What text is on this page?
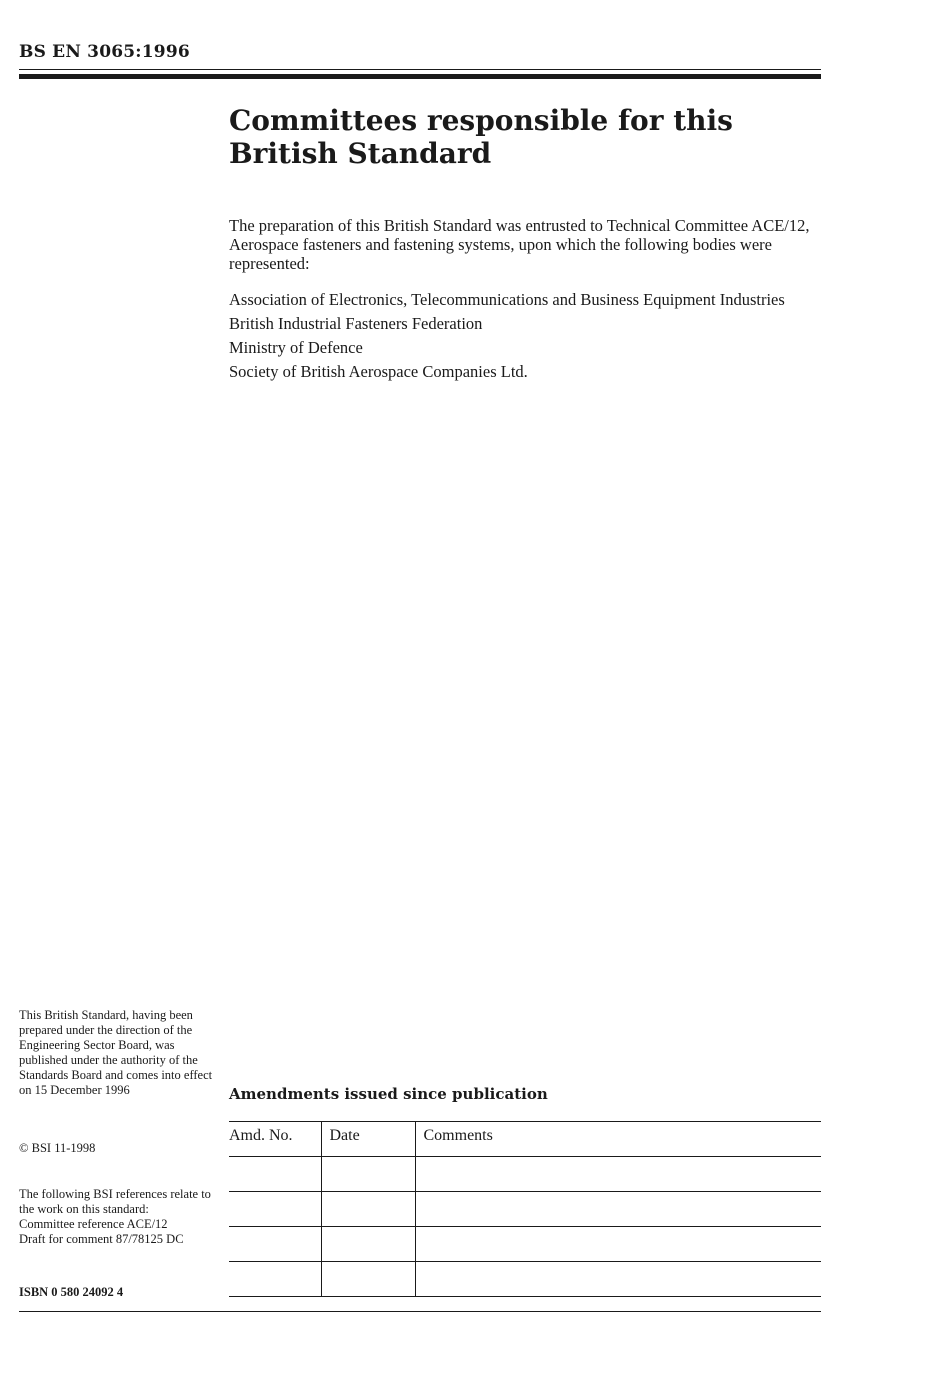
BS EN 3065:1996
Committees responsible for this
British Standard

The preparation of this British Standard was entrusted to Technical Committee ACE/12, Aerospace fasteners and fastening systems, upon which the following bodies were represented:

Association of Electronics, Telecommunications and Business Equipment Industries
British Industrial Fasteners Federation
Ministry of Defence
Society of British Aerospace Companies Ltd.

This British Standard, having been prepared under the direction of the Engineering Sector Board, was published under the authority of the Standards Board and comes into effect on 15 December 1996

© BSI 11-1998

The following BSI references relate to the work on this standard:
Committee reference ACE/12
Draft for comment 87/78125 DC
ISBN 0 580 24092 4
Amendments issued since publication
Amd. No.	Date	Comments
